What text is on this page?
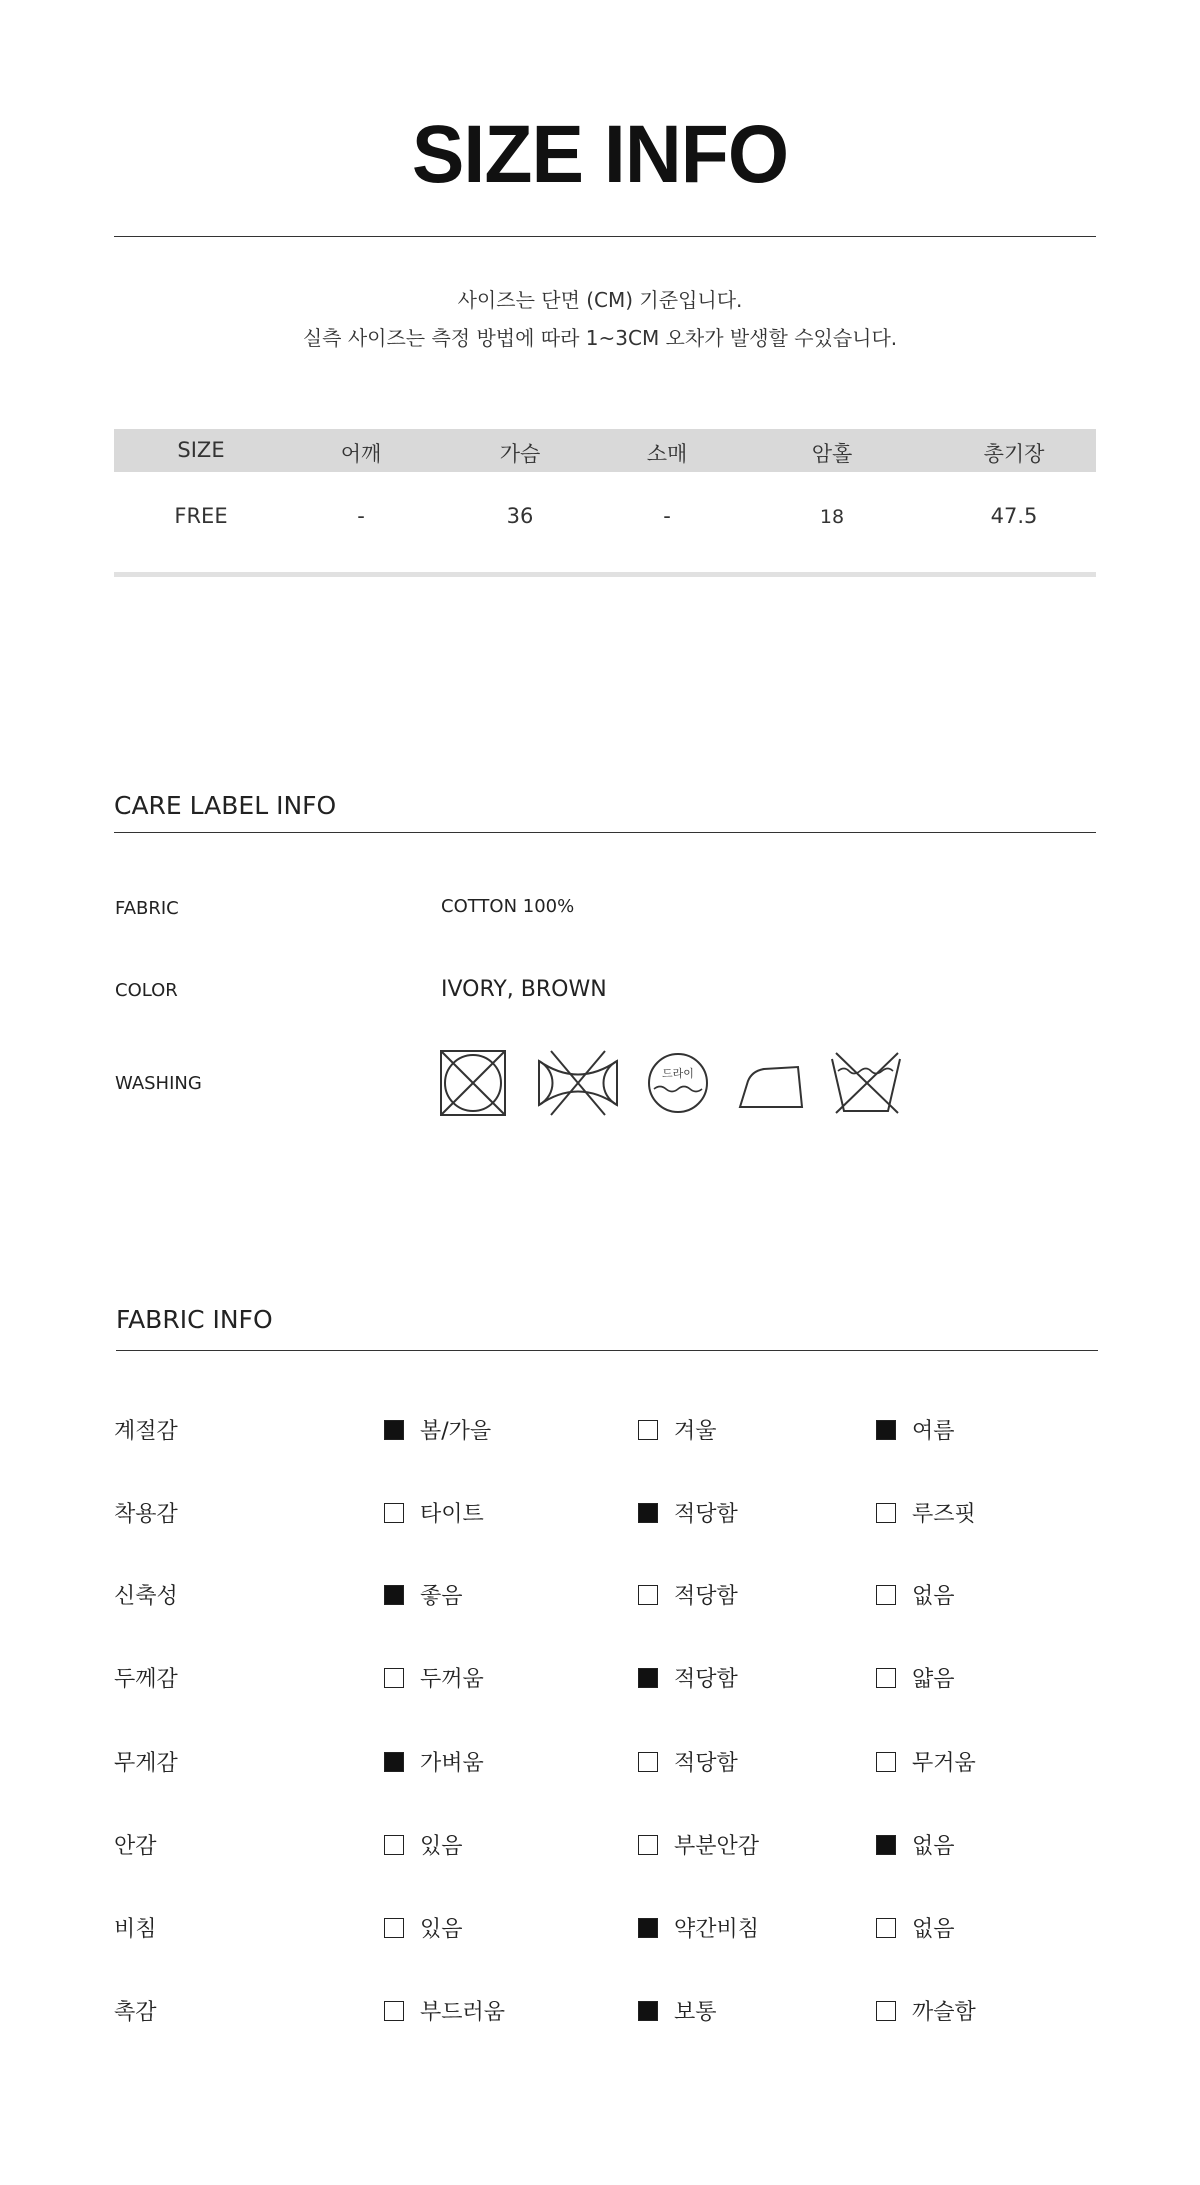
SIZE INFO
사이즈는 단면 (CM) 기준입니다.
실측 사이즈는 측정 방법에 따라 1~3CM 오차가 발생할 수있습니다.
SIZE	어깨	가슴	소매	암홀	총기장
FREE	-	36	-	18	47.5
CARE LABEL INFO
FABRIC	COTTON 100%
COLOR	IVORY, BROWN
WASHING	드라이
FABRIC INFO
계절감	봄/가을	겨울	여름
착용감	타이트	적당함	루즈핏
신축성	좋음	적당함	없음
두께감	두꺼움	적당함	얇음
무게감	가벼움	적당함	무거움
안감	있음	부분안감	없음
비침	있음	약간비침	없음
촉감	부드러움	보통	까슬함
